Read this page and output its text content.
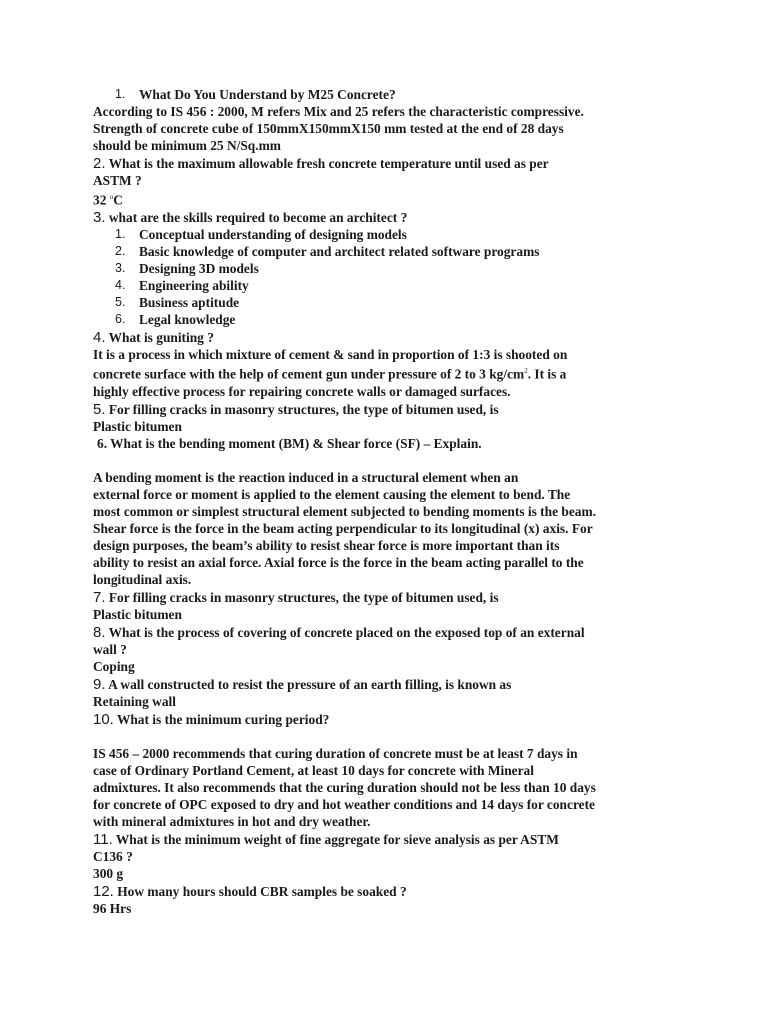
1. What Do You Understand by M25 Concrete?
According to IS 456 : 2000, M refers Mix and 25 refers the characteristic compressive.
Strength of concrete cube of 150mmX150mmX150 mm tested at the end of 28 days
should be minimum 25 N/Sq.mm
2. What is the maximum allowable fresh concrete temperature until used as per
ASTM ?
32 $^o$C
3. what are the skills required to become an architect ?
1. Conceptual understanding of designing models
2. Basic knowledge of computer and architect related software programs
3. Designing 3D models
4. Engineering ability
5. Business aptitude
6. Legal knowledge
4. What is guniting ?
It is a process in which mixture of cement & sand in proportion of 1:3 is shooted on
concrete surface with the help of cement gun under pressure of 2 to 3 $kg/cm^2$. It is a
highly effective process for repairing concrete walls or damaged surfaces.
5. For filling cracks in masonry structures, the type of bitumen used, is
Plastic bitumen
6. What is the bending moment (BM) & Shear force (SF) – Explain.
A bending moment is the reaction induced in a structural element when an
external force or moment is applied to the element causing the element to bend. The
most common or simplest structural element subjected to bending moments is the beam.
Shear force is the force in the beam acting perpendicular to its longitudinal (x) axis. For
design purposes, the beam’s ability to resist shear force is more important than its
ability to resist an axial force. Axial force is the force in the beam acting parallel to the
longitudinal axis.
7. For filling cracks in masonry structures, the type of bitumen used, is
Plastic bitumen
8. What is the process of covering of concrete placed on the exposed top of an external
wall ?
Coping
9. A wall constructed to resist the pressure of an earth filling, is known as
Retaining wall
10. What is the minimum curing period?
IS 456 – 2000 recommends that curing duration of concrete must be at least 7 days in
case of Ordinary Portland Cement, at least 10 days for concrete with Mineral
admixtures. It also recommends that the curing duration should not be less than 10 days
for concrete of OPC exposed to dry and hot weather conditions and 14 days for concrete
with mineral admixtures in hot and dry weather.
11. What is the minimum weight of fine aggregate for sieve analysis as per ASTM
C136 ?
300 g
12. How many hours should CBR samples be soaked ?
96 Hrs
